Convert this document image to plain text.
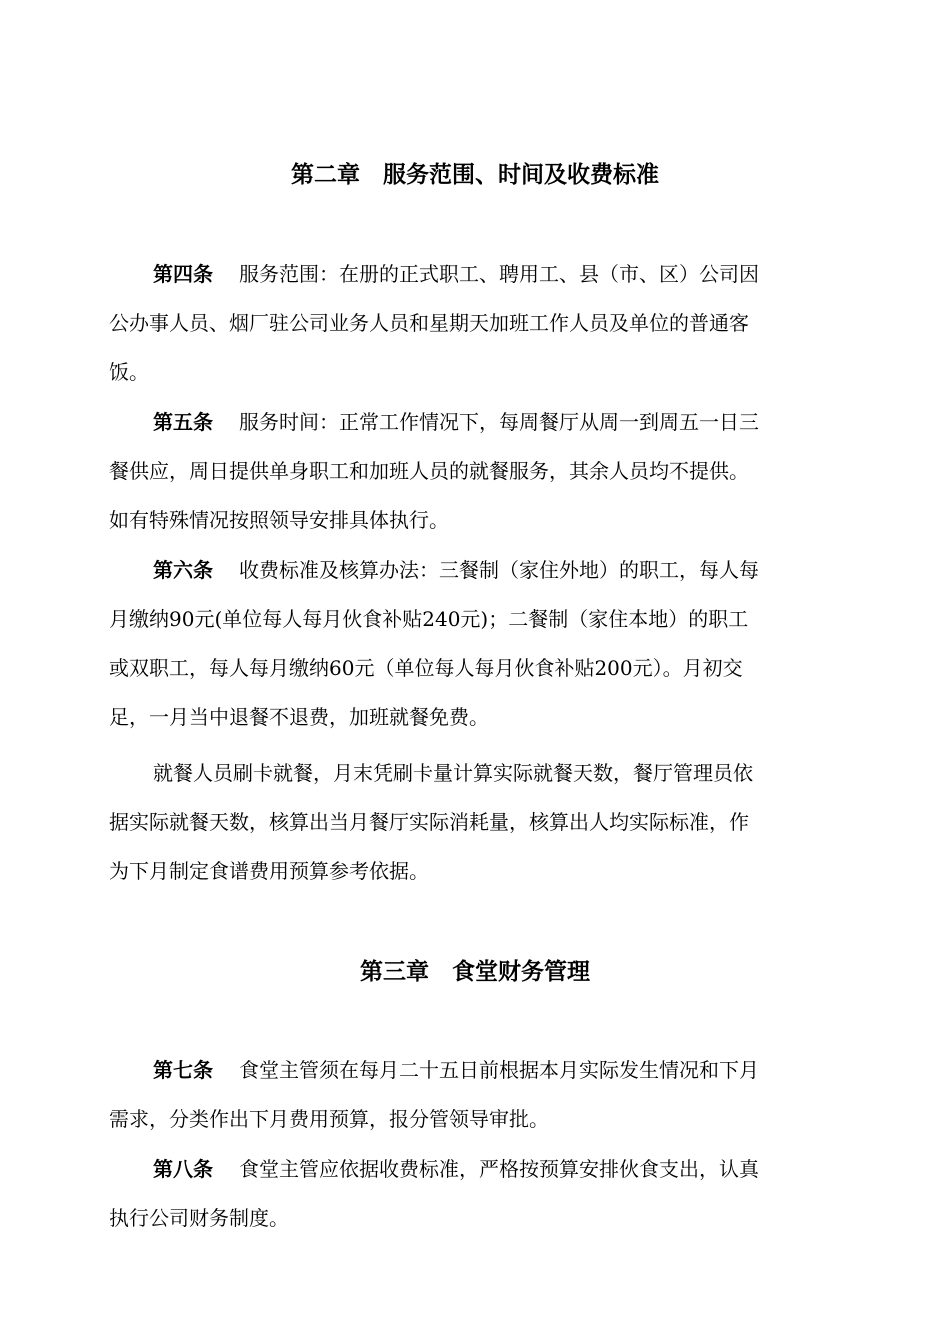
第二章　服务范围、时间及收费标准
第四条 服务范围：在册的正式职工、聘用工、县（市、区）公司因
公办事人员、烟厂驻公司业务人员和星期天加班工作人员及单位的普通客
饭。
第五条 服务时间：正常工作情况下，每周餐厅从周一到周五一日三
餐供应，周日提供单身职工和加班人员的就餐服务，其余人员均不提供。
如有特殊情况按照领导安排具体执行。
第六条 收费标准及核算办法：三餐制（家住外地）的职工，每人每
月缴纳90元(单位每人每月伙食补贴240元)；二餐制（家住本地）的职工
或双职工，每人每月缴纳60元（单位每人每月伙食补贴200元）。月初交
足，一月当中退餐不退费，加班就餐免费。
就餐人员刷卡就餐，月末凭刷卡量计算实际就餐天数，餐厅管理员依
据实际就餐天数，核算出当月餐厅实际消耗量，核算出人均实际标准，作
为下月制定食谱费用预算参考依据。
第三章　食堂财务管理
第七条 食堂主管须在每月二十五日前根据本月实际发生情况和下月
需求，分类作出下月费用预算，报分管领导审批。
第八条 食堂主管应依据收费标准，严格按预算安排伙食支出，认真
执行公司财务制度。
